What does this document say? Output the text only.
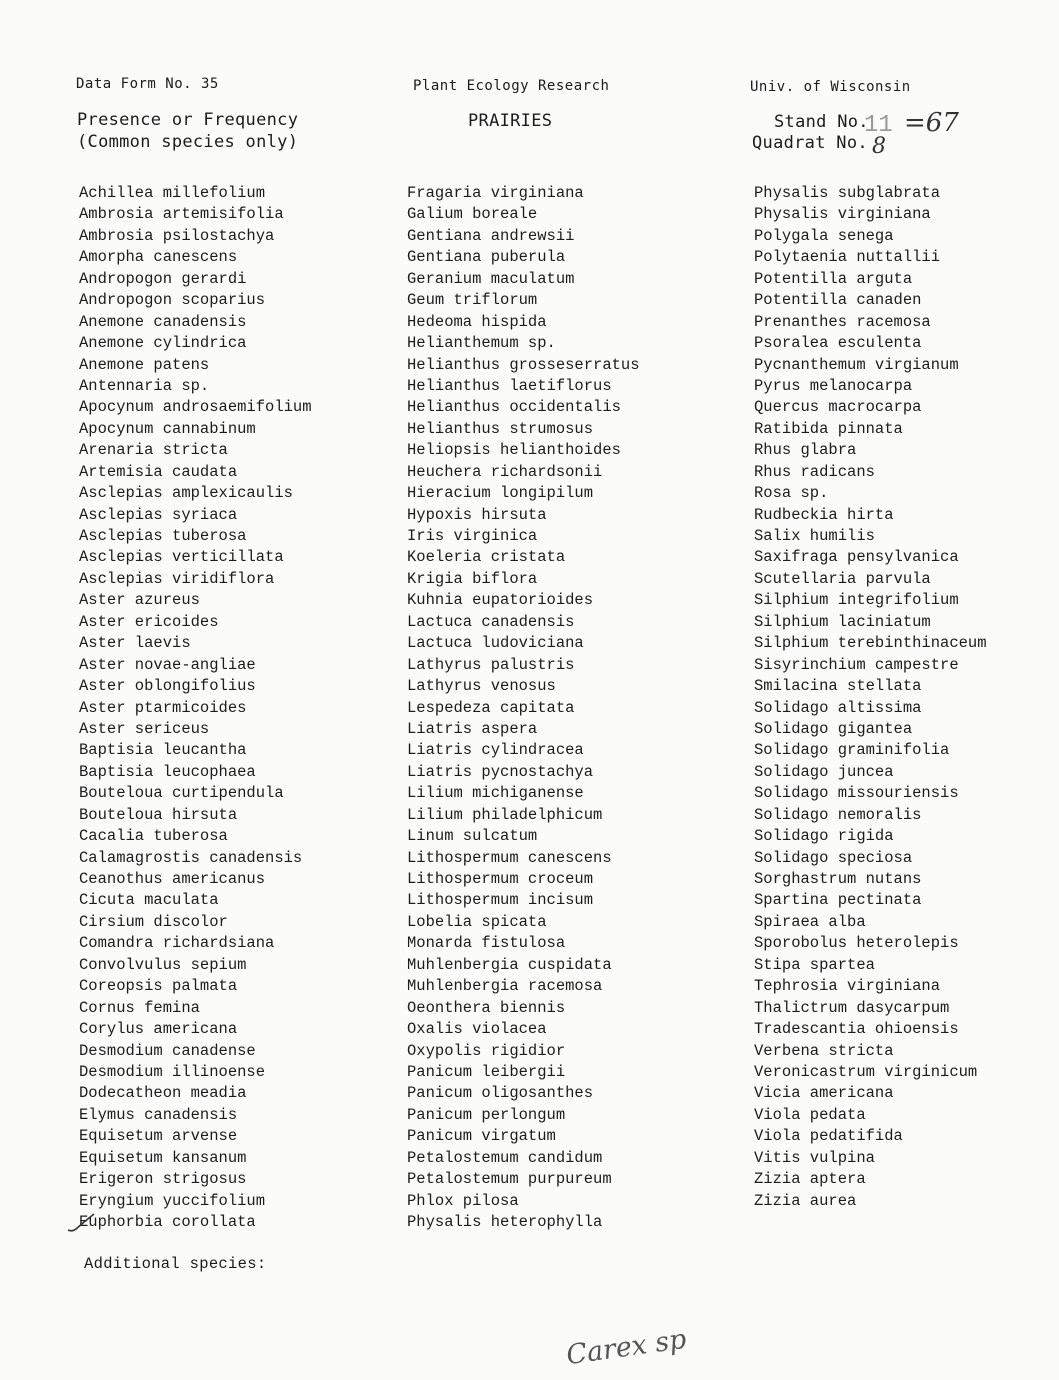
Data Form No. 35	Plant Ecology Research	Univ. of Wisconsin
Presence or Frequency
(Common species only)
PRAIRIES	Stand No.
Quadrat No.
11 =67
8
Achillea millefolium
Ambrosia artemisifolia
Ambrosia psilostachya
Amorpha canescens
Andropogon gerardi
Andropogon scoparius
Anemone canadensis
Anemone cylindrica
Anemone patens
Antennaria sp.
Apocynum androsaemifolium
Apocynum cannabinum
Arenaria stricta
Artemisia caudata
Asclepias amplexicaulis
Asclepias syriaca
Asclepias tuberosa
Asclepias verticillata
Asclepias viridiflora
Aster azureus
Aster ericoides
Aster laevis
Aster novae-angliae
Aster oblongifolius
Aster ptarmicoides
Aster sericeus
Baptisia leucantha
Baptisia leucophaea
Bouteloua curtipendula
Bouteloua hirsuta
Cacalia tuberosa
Calamagrostis canadensis
Ceanothus americanus
Cicuta maculata
Cirsium discolor
Comandra richardsiana
Convolvulus sepium
Coreopsis palmata
Cornus femina
Corylus americana
Desmodium canadense
Desmodium illinoense
Dodecatheon meadia
Elymus canadensis
Equisetum arvense
Equisetum kansanum
Erigeron strigosus
Eryngium yuccifolium
Euphorbia corollata
Fragaria virginiana
Galium boreale
Gentiana andrewsii
Gentiana puberula
Geranium maculatum
Geum triflorum
Hedeoma hispida
Helianthemum sp.
Helianthus grosseserratus
Helianthus laetiflorus
Helianthus occidentalis
Helianthus strumosus
Heliopsis helianthoides
Heuchera richardsonii
Hieracium longipilum
Hypoxis hirsuta
Iris virginica
Koeleria cristata
Krigia biflora
Kuhnia eupatorioides
Lactuca canadensis
Lactuca ludoviciana
Lathyrus palustris
Lathyrus venosus
Lespedeza capitata
Liatris aspera
Liatris cylindracea
Liatris pycnostachya
Lilium michiganense
Lilium philadelphicum
Linum sulcatum
Lithospermum canescens
Lithospermum croceum
Lithospermum incisum
Lobelia spicata
Monarda fistulosa
Muhlenbergia cuspidata
Muhlenbergia racemosa
Oeonthera biennis
Oxalis violacea
Oxypolis rigidior
Panicum leibergii
Panicum oligosanthes
Panicum perlongum
Panicum virgatum
Petalostemum candidum
Petalostemum purpureum
Phlox pilosa
Physalis heterophylla
Physalis subglabrata
Physalis virginiana
Polygala senega
Polytaenia nuttallii
Potentilla arguta
Potentilla canaden
Prenanthes racemosa
Psoralea esculenta
Pycnanthemum virgianum
Pyrus melanocarpa
Quercus macrocarpa
Ratibida pinnata
Rhus glabra
Rhus radicans
Rosa sp.
Rudbeckia hirta
Salix humilis
Saxifraga pensylvanica
Scutellaria parvula
Silphium integrifolium
Silphium laciniatum
Silphium terebinthinaceum
Sisyrinchium campestre
Smilacina stellata
Solidago altissima
Solidago gigantea
Solidago graminifolia
Solidago juncea
Solidago missouriensis
Solidago nemoralis
Solidago rigida
Solidago speciosa
Sorghastrum nutans
Spartina pectinata
Spiraea alba
Sporobolus heterolepis
Stipa spartea
Tephrosia virginiana
Thalictrum dasycarpum
Tradescantia ohioensis
Verbena stricta
Veronicastrum virginicum
Vicia americana
Viola pedata
Viola pedatifida
Vitis vulpina
Zizia aptera
Zizia aurea
Additional species:
Carex sp
